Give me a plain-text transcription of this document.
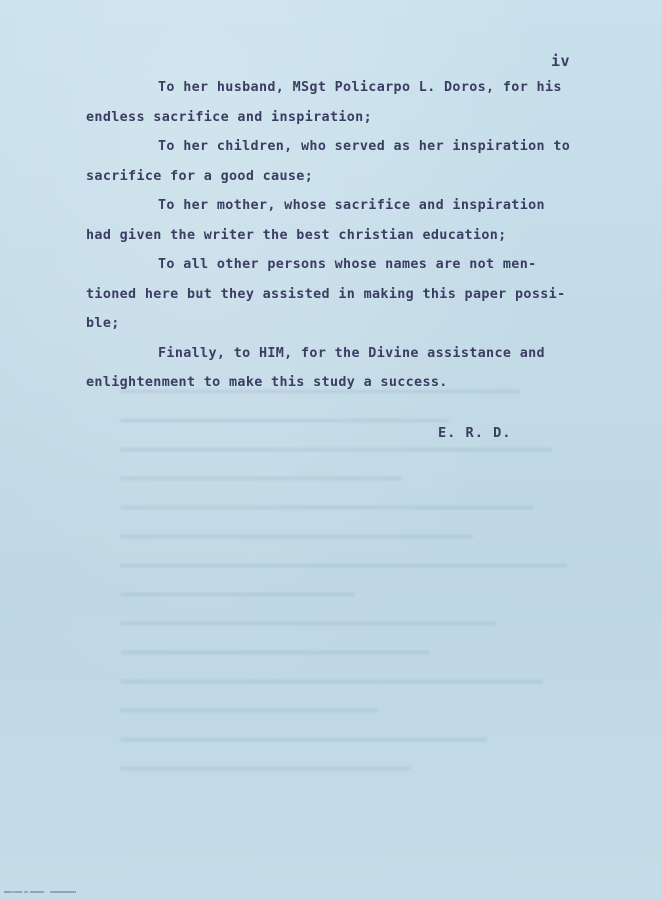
iv
To her husband, MSgt Policarpo L. Doros, for his
endless sacrifice and inspiration;
To her children, who served as her inspiration to
sacrifice for a good cause;
To her mother, whose sacrifice and inspiration
had given the writer the best christian education;
To all other persons whose names are not men-
tioned here but they assisted in making this paper possi-
ble;
Finally, to HIM, for the Divine assistance and
enlightenment to make this study a success.
E. R. D.
QRDOC0000-25-0000000 · 0000000000000
